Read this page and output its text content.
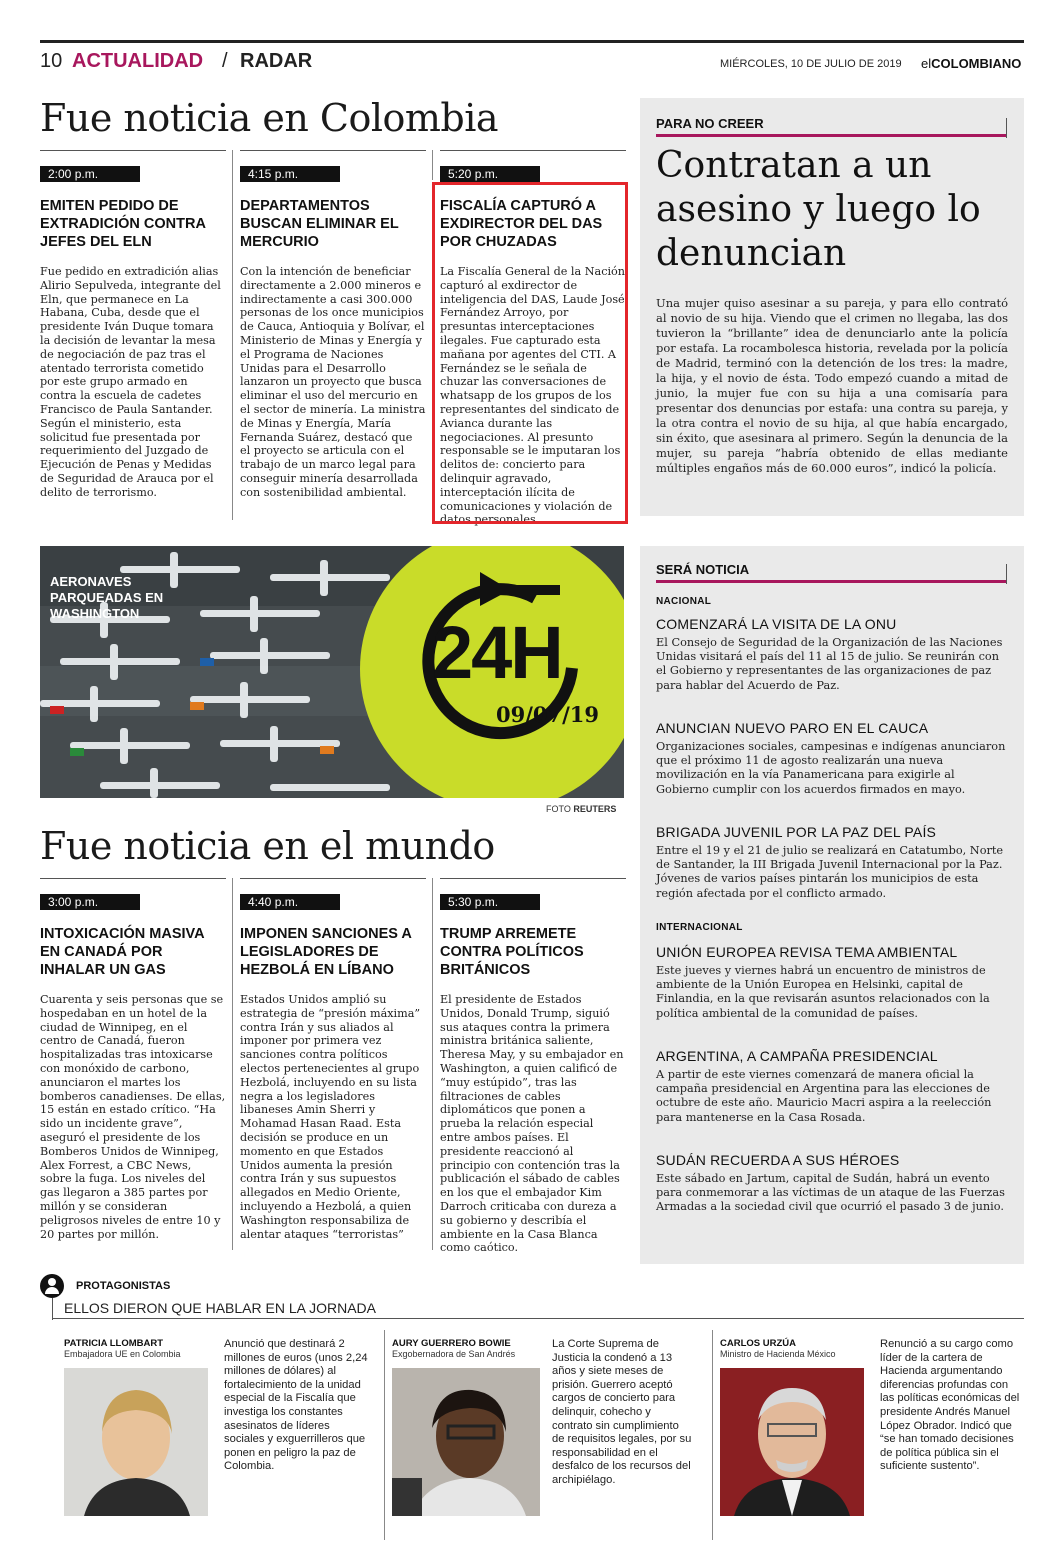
10 ACTUALIDAD / RADAR	MIÉRCOLES, 10 DE JULIO DE 2019 elCOLOMBIANO
Fue noticia en Colombia
2:00 p.m.
EMITEN PEDIDO DE EXTRADICIÓN CONTRA JEFES DEL ELN

Fue pedido en extradición alias Alirio Sepulveda, integrante del Eln, que permanece en La Habana, Cuba, desde que el presidente Iván Duque tomara la decisión de levantar la mesa de negociación de paz tras el atentado terrorista cometido por este grupo armado en contra la escuela de cadetes Francisco de Paula Santander. Según el ministerio, esta solicitud fue presentada por requerimiento del Juzgado de Ejecución de Penas y Medidas de Seguridad de Arauca por el delito de terrorismo.

4:15 p.m.
DEPARTAMENTOS BUSCAN ELIMINAR EL MERCURIO

Con la intención de beneficiar directamente a 2.000 mineros e indirectamente a casi 300.000 personas de los once municipios de Cauca, Antioquia y Bolívar, el Ministerio de Minas y Energía y el Programa de Naciones Unidas para el Desarrollo lanzaron un proyecto que busca eliminar el uso del mercurio en el sector de minería. La ministra de Minas y Energía, María Fernanda Suárez, destacó que el proyecto se articula con el trabajo de un marco legal para conseguir minería desarrollada con sostenibilidad ambiental.

5:20 p.m.
FISCALÍA CAPTURÓ A EXDIRECTOR DEL DAS POR CHUZADAS

La Fiscalía General de la Nación capturó al exdirector de inteligencia del DAS, Laude José Fernández Arroyo, por presuntas interceptaciones ilegales. Fue capturado esta mañana por agentes del CTI. A Fernández se le señala de chuzar las conversaciones de whatsapp de los grupos de los representantes del sindicato de Avianca durante las negociaciones. Al presunto responsable se le imputaran los delitos de: concierto para delinquir agravado, interceptación ilícita de comunicaciones y violación de datos personales.

PARA NO CREER
Contratan a un asesino y luego lo denuncian
Una mujer quiso asesinar a su pareja, y para ello contrató al novio de su hija. Viendo que el crimen no llegaba, las dos tuvieron la “brillante” idea de denunciarlo ante la policía por estafa. La rocambolesca historia, revelada por la policía de Madrid, terminó con la detención de los tres: la madre, la hija, y el novio de ésta. Todo empezó cuando a mitad de junio, la mujer fue con su hija a una comisaría para presentar dos denuncias por estafa: una contra su pareja, y la otra contra el novio de su hija, al que había encargado, sin éxito, que asesinara al primero. Según la denuncia de la mujer, su pareja “habría obtenido de ellas mediante múltiples engaños más de 60.000 euros”, indicó la policía.
AERONAVES PARQUEADAS EN WASHINGTON	24H
09/07/19
FOTO REUTERS
SERÁ NOTICIA
NACIONAL
COMENZARÁ LA VISITA DE LA ONU
El Consejo de Seguridad de la Organización de las Naciones Unidas visitará el país del 11 al 15 de julio. Se reunirán con el Gobierno y representantes de las organizaciones de paz para hablar del Acuerdo de Paz.
ANUNCIAN NUEVO PARO EN EL CAUCA
Organizaciones sociales, campesinas e indígenas anunciaron que el próximo 11 de agosto realizarán una nueva movilización en la vía Panamericana para exigirle al Gobierno cumplir con los acuerdos firmados en mayo.
BRIGADA JUVENIL POR LA PAZ DEL PAÍS
Entre el 19 y el 21 de julio se realizará en Catatumbo, Norte de Santander, la III Brigada Juvenil Internacional por la Paz. Jóvenes de varios países pintarán los municipios de esta región afectada por el conflicto armado.
INTERNACIONAL
UNIÓN EUROPEA REVISA TEMA AMBIENTAL
Este jueves y viernes habrá un encuentro de ministros de ambiente de la Unión Europea en Helsinki, capital de Finlandia, en la que revisarán asuntos relacionados con la política ambiental de la comunidad de países.
ARGENTINA, A CAMPAÑA PRESIDENCIAL
A partir de este viernes comenzará de manera oficial la campaña presidencial en Argentina para las elecciones de octubre de este año. Mauricio Macri aspira a la reelección para mantenerse en la Casa Rosada.
SUDÁN RECUERDA A SUS HÉROES
Este sábado en Jartum, capital de Sudán, habrá un evento para conmemorar a las víctimas de un ataque de las Fuerzas Armadas a la sociedad civil que ocurrió el pasado 3 de junio.
Fue noticia en el mundo
3:00 p.m.
INTOXICACIÓN MASIVA EN CANADÁ POR INHALAR UN GAS

Cuarenta y seis personas que se hospedaban en un hotel de la ciudad de Winnipeg, en el centro de Canadá, fueron hospitalizadas tras intoxicarse con monóxido de carbono, anunciaron el martes los bomberos canadienses. De ellas, 15 están en estado crítico. “Ha sido un incidente grave”, aseguró el presidente de los Bomberos Unidos de Winnipeg, Alex Forrest, a CBC News, sobre la fuga. Los niveles del gas llegaron a 385 partes por millón y se consideran peligrosos niveles de entre 10 y 20 partes por millón.

4:40 p.m.
IMPONEN SANCIONES A LEGISLADORES DE HEZBOLÁ EN LÍBANO

Estados Unidos amplió su estrategia de “presión máxima” contra Irán y sus aliados al imponer por primera vez sanciones contra políticos electos pertenecientes al grupo Hezbolá, incluyendo en su lista negra a los legisladores libaneses Amin Sherri y Mohamad Hasan Raad. Esta decisión se produce en un momento en que Estados Unidos aumenta la presión contra Irán y sus supuestos allegados en Medio Oriente, incluyendo a Hezbolá, a quien Washington responsabiliza de alentar ataques “terroristas”

5:30 p.m.
TRUMP ARREMETE CONTRA POLÍTICOS BRITÁNICOS

El presidente de Estados Unidos, Donald Trump, siguió sus ataques contra la primera ministra británica saliente, Theresa May, y su embajador en Washington, a quien calificó de “muy estúpido”, tras las filtraciones de cables diplomáticos que ponen a prueba la relación especial entre ambos países. El presidente reaccionó al principio con contención tras la publicación el sábado de cables en los que el embajador Kim Darroch criticaba con dureza a su gobierno y describía el ambiente en la Casa Blanca como caótico.

PROTAGONISTAS
ELLOS DIERON QUE HABLAR EN LA JORNADA
PATRICIA LLOMBART
Embajadora UE en Colombia
Anunció que destinará 2 millones de euros (unos 2,24 millones de dólares) al fortalecimiento de la unidad especial de la Fiscalía que investiga los constantes asesinatos de líderes sociales y exguerrilleros que ponen en peligro la paz de Colombia.
AURY GUERRERO BOWIE
Exgobernadora de San Andrés
La Corte Suprema de Justicia la condenó a 13 años y siete meses de prisión. Guerrero aceptó cargos de concierto para delinquir, cohecho y contrato sin cumplimiento de requisitos legales, por su responsabilidad en el desfalco de los recursos del archipiélago.
CARLOS URZÚA
Ministro de Hacienda México
Renunció a su cargo como líder de la cartera de Hacienda argumentando diferencias profundas con las políticas económicas del presidente Andrés Manuel López Obrador. Indicó que “se han tomado decisiones de política pública sin el suficiente sustento”.
